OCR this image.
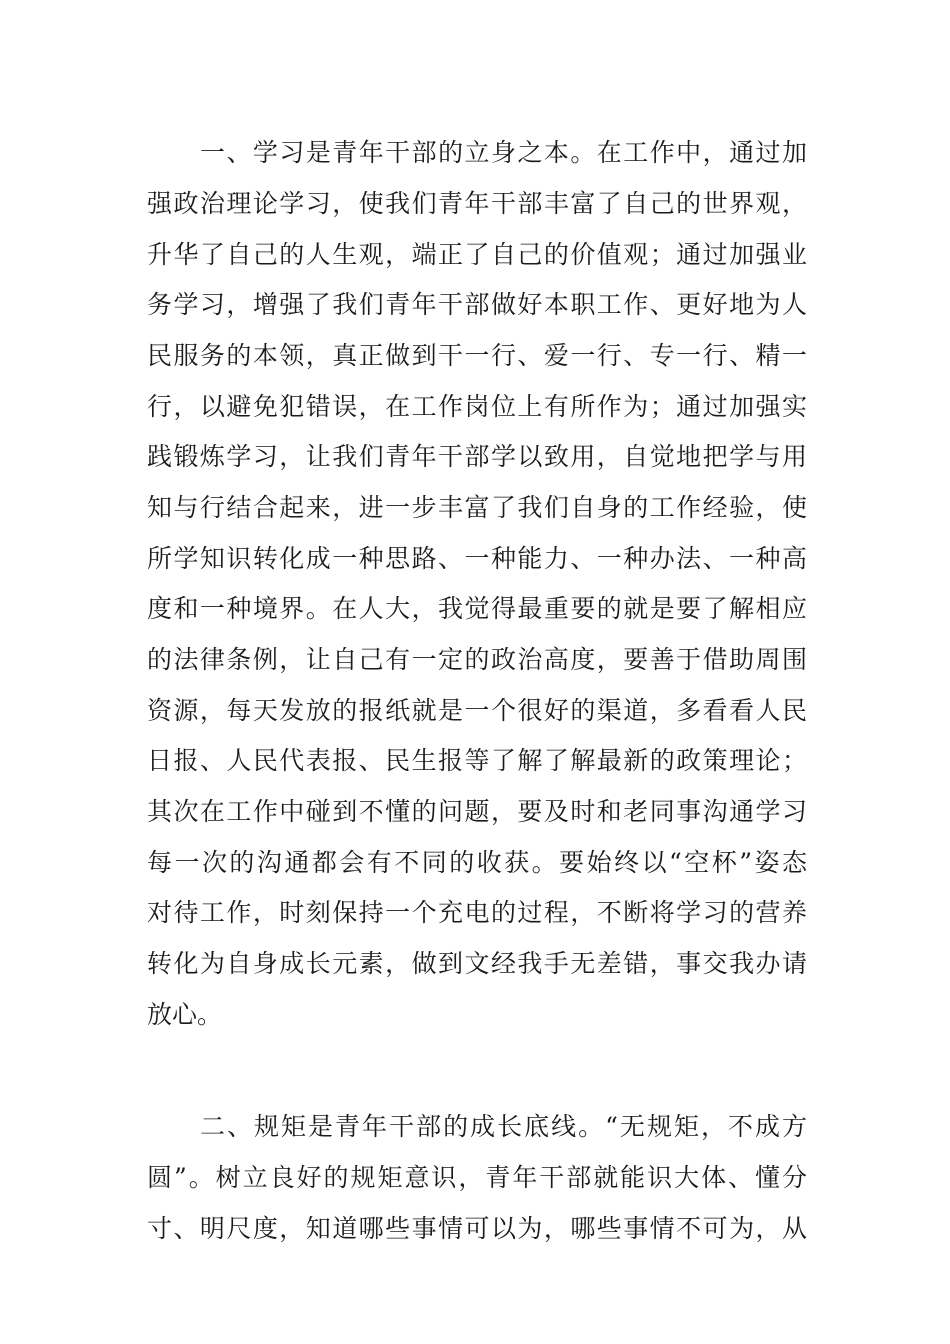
一、学习是青年干部的立身之本。在工作中，通过加
强政治理论学习，使我们青年干部丰富了自己的世界观，
升华了自己的人生观，端正了自己的价值观；通过加强业
务学习，增强了我们青年干部做好本职工作、更好地为人
民服务的本领，真正做到干一行、爱一行、专一行、精一
行，以避免犯错误，在工作岗位上有所作为；通过加强实
践锻炼学习，让我们青年干部学以致用，自觉地把学与用
知与行结合起来，进一步丰富了我们自身的工作经验，使
所学知识转化成一种思路、一种能力、一种办法、一种高
度和一种境界。在人大，我觉得最重要的就是要了解相应
的法律条例，让自己有一定的政治高度，要善于借助周围
资源，每天发放的报纸就是一个很好的渠道，多看看人民
日报、人民代表报、民生报等了解了解最新的政策理论；
其次在工作中碰到不懂的问题，要及时和老同事沟通学习
每一次的沟通都会有不同的收获。要始终以“空杯”姿态
对待工作，时刻保持一个充电的过程，不断将学习的营养
转化为自身成长元素，做到文经我手无差错，事交我办请
放心。
二、规矩是青年干部的成长底线。“无规矩，不成方
圆”。树立良好的规矩意识，青年干部就能识大体、懂分
寸、明尺度，知道哪些事情可以为，哪些事情不可为，从
